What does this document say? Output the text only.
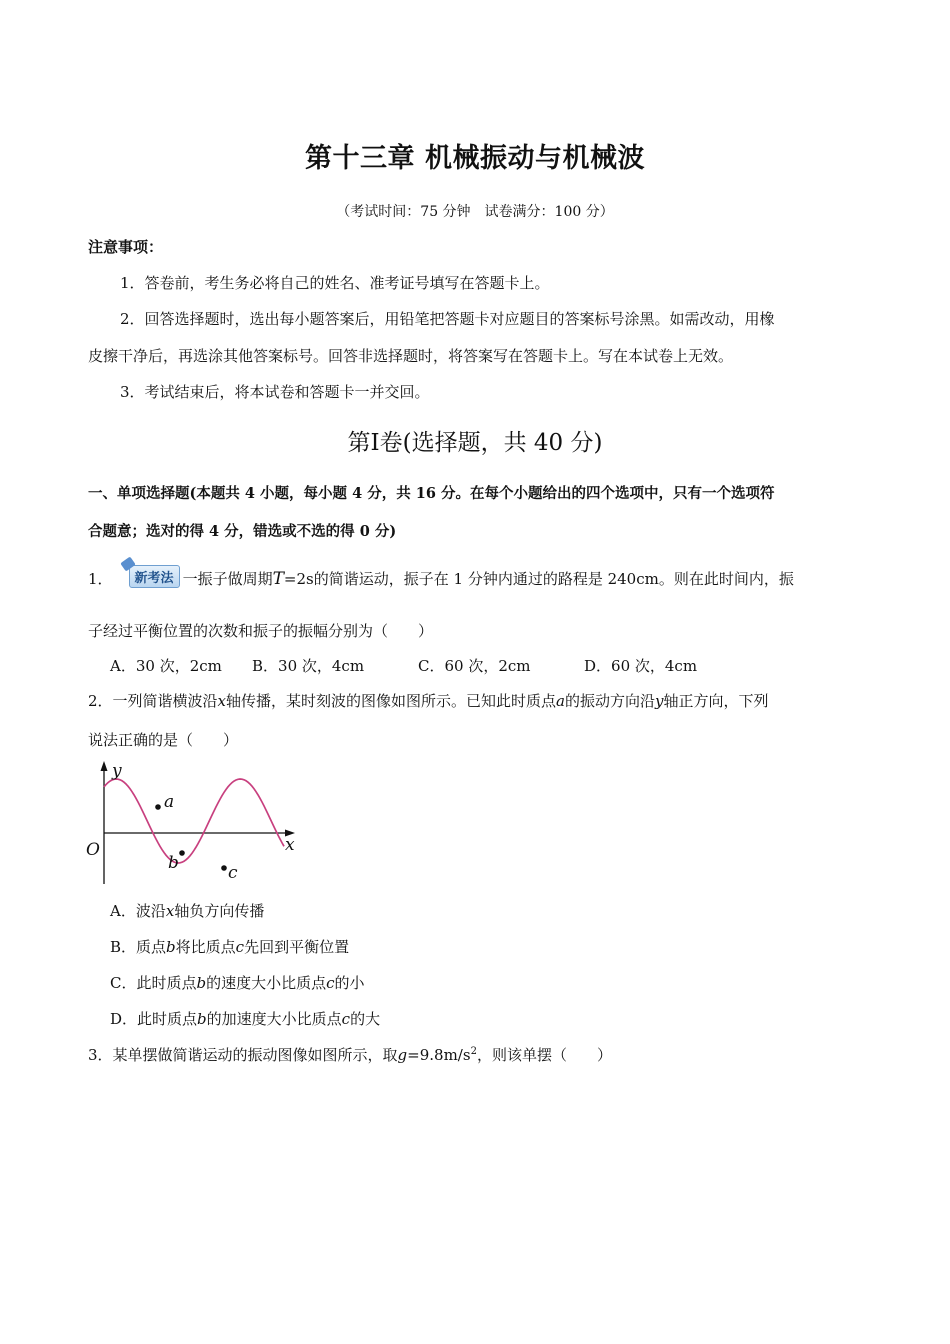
第十三章 机械振动与机械波
（考试时间：75 分钟　试卷满分：100 分）
注意事项：
1．答卷前，考生务必将自己的姓名、准考证号填写在答题卡上。
2．回答选择题时，选出每小题答案后，用铅笔把答题卡对应题目的答案标号涂黑。如需改动，用橡
皮擦干净后，再选涂其他答案标号。回答非选择题时，将答案写在答题卡上。写在本试卷上无效。
3．考试结束后，将本试卷和答题卡一并交回。
第Ⅰ卷(选择题，共 40 分)
一、单项选择题(本题共 4 小题，每小题 4 分，共 16 分。在每个小题给出的四个选项中，只有一个选项符
合题意；选对的得 4 分，错选或不选的得 0 分)
1． 新考法 一振子做周期T=2s的简谐运动，振子在 1 分钟内通过的路程是 240cm。则在此时间内，振
子经过平衡位置的次数和振子的振幅分别为（　　）
A．30 次，2cm B．30 次，4cm	C．60 次，2cm	D．60 次，4cm
2．一列简谐横波沿x轴传播，某时刻波的图像如图所示。已知此时质点a的振动方向沿y轴正方向，下列
说法正确的是（　　）
y
x
O
a
b	c
A．波沿x轴负方向传播
B．质点b将比质点c先回到平衡位置
C．此时质点b的速度大小比质点c的小
D．此时质点b的加速度大小比质点c的大
3．某单摆做简谐运动的振动图像如图所示，取$g=9.8m/s^2$，则该单摆（　　）
